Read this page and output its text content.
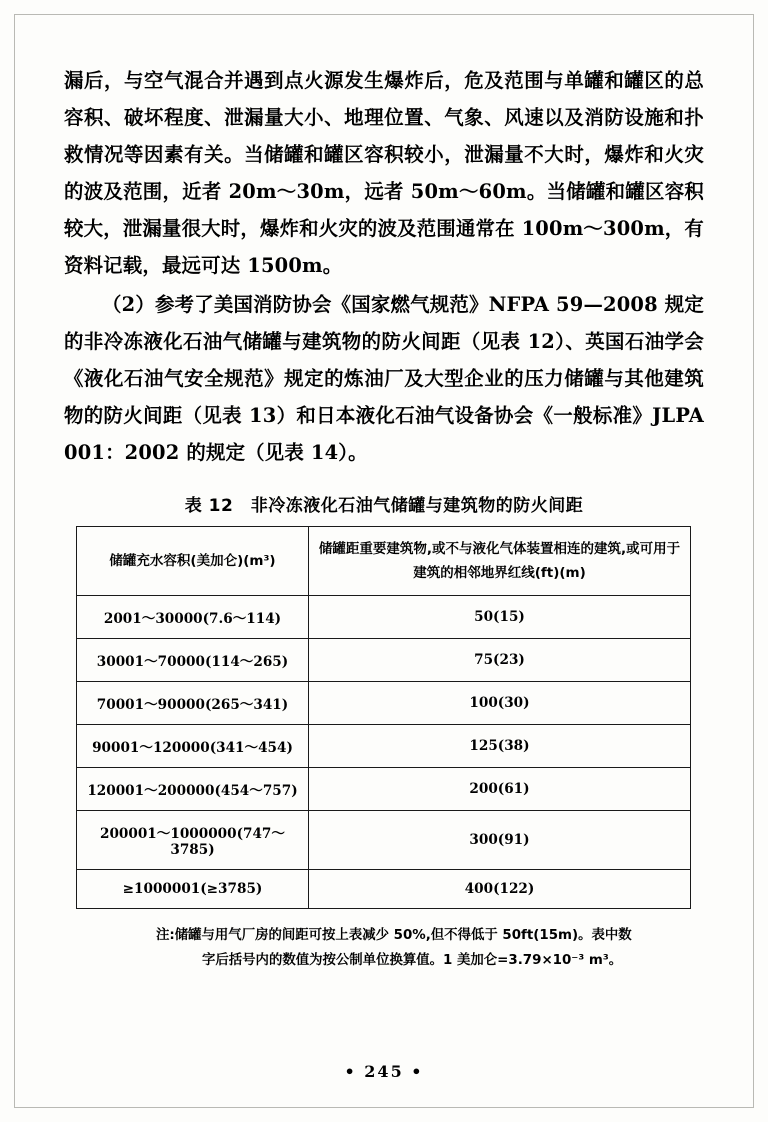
漏后，与空气混合并遇到点火源发生爆炸后，危及范围与单罐和罐区的总容积、破坏程度、泄漏量大小、地理位置、气象、风速以及消防设施和扑救情况等因素有关。当储罐和罐区容积较小，泄漏量不大时，爆炸和火灾的波及范围，近者 20m～30m，远者 50m～60m。当储罐和罐区容积较大，泄漏量很大时，爆炸和火灾的波及范围通常在 100m～300m，有资料记载，最远可达 1500m。

（2）参考了美国消防协会《国家燃气规范》NFPA 59—2008 规定的非冷冻液化石油气储罐与建筑物的防火间距（见表 12）、英国石油学会《液化石油气安全规范》规定的炼油厂及大型企业的压力储罐与其他建筑物的防火间距（见表 13）和日本液化石油气设备协会《一般标准》JLPA 001：2002 的规定（见表 14）。

表 12　非冷冻液化石油气储罐与建筑物的防火间距
储罐充水容积(美加仑)(m³)	储罐距重要建筑物,或不与液化气体装置相连的建筑,或可用于建筑的相邻地界红线(ft)(m)
2001～30000(7.6～114)	50(15)
30001～70000(114～265)	75(23)
70001～90000(265～341)	100(30)
90001～120000(341～454)	125(38)
120001～200000(454～757)	200(61)
200001～1000000(747～3785)	300(91)
≥1000001(≥3785)	400(122)
注:储罐与用气厂房的间距可按上表减少 50%,但不得低于 50ft(15m)。表中数
字后括号内的数值为按公制单位换算值。1 美加仑=3.79×10⁻³ m³。
• 245 •
